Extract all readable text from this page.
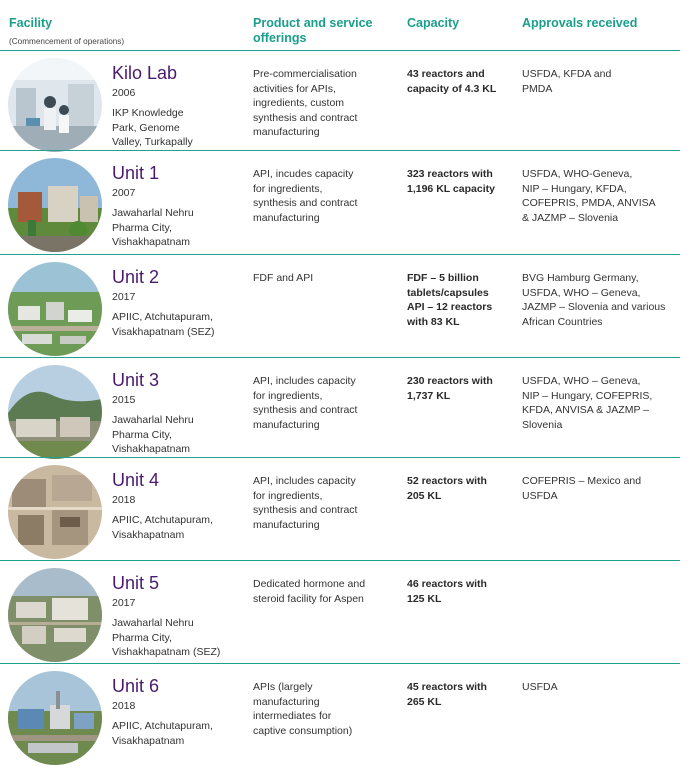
Facility
(Commencement of operations)
Product and service
offerings
Capacity	Approvals received
Kilo Lab
2006
IKP Knowledge
Park, Genome
Valley, Turkapally
Pre-commercialisation
activities for APIs,
ingredients, custom
synthesis and contract
manufacturing
43 reactors and
capacity of 4.3 KL
USFDA, KFDA and
PMDA
Unit 1
2007
Jawaharlal Nehru
Pharma City,
Vishakhapatnam
API, incudes capacity
for ingredients,
synthesis and contract
manufacturing
323 reactors with
1,196 KL capacity
USFDA, WHO-Geneva,
NIP – Hungary, KFDA,
COFEPRIS, PMDA, ANVISA
& JAZMP – Slovenia
Unit 2
2017
APIIC, Atchutapuram,
Visakhapatnam (SEZ)
FDF and API	FDF – 5 billion
tablets/capsules
API – 12 reactors
with 83 KL
BVG Hamburg Germany,
USFDA, WHO – Geneva,
JAZMP – Slovenia and various
African Countries
Unit 3
2015
Jawaharlal Nehru
Pharma City,
Vishakhapatnam
API, includes capacity
for ingredients,
synthesis and contract
manufacturing
230 reactors with
1,737 KL
USFDA, WHO – Geneva,
NIP – Hungary, COFEPRIS,
KFDA, ANVISA & JAZMP –
Slovenia
Unit 4
2018
APIIC, Atchutapuram,
Visakhapatnam
API, includes capacity
for ingredients,
synthesis and contract
manufacturing
52 reactors with
205 KL
COFEPRIS – Mexico and
USFDA
Unit 5
2017
Jawaharlal Nehru
Pharma City,
Vishakhapatnam (SEZ)
Dedicated hormone and
steroid facility for Aspen
46 reactors with
125 KL
Unit 6
2018
APIIC, Atchutapuram,
Visakhapatnam
APIs (largely
manufacturing
intermediates for
captive consumption)
45 reactors with
265 KL
USFDA
